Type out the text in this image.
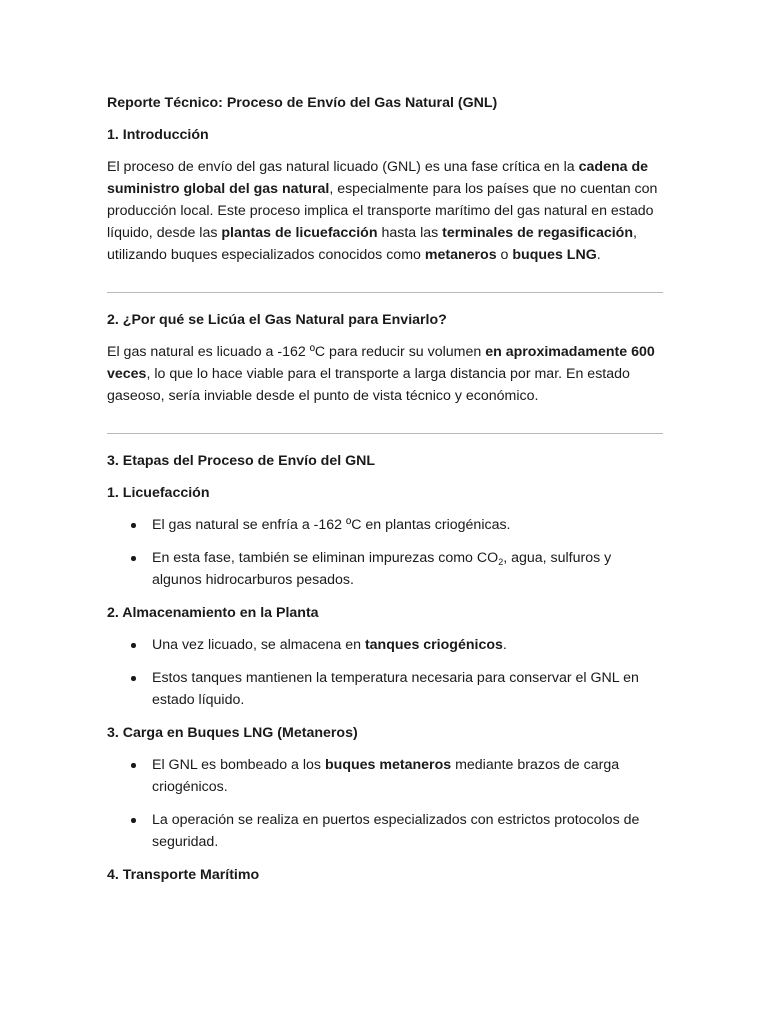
Reporte Técnico: Proceso de Envío del Gas Natural (GNL)

1. Introducción

El proceso de envío del gas natural licuado (GNL) es una fase crítica en la cadena de suministro global del gas natural, especialmente para los países que no cuentan con producción local. Este proceso implica el transporte marítimo del gas natural en estado líquido, desde las plantas de licuefacción hasta las terminales de regasificación, utilizando buques especializados conocidos como metaneros o buques LNG.

2. ¿Por qué se Licúa el Gas Natural para Enviarlo?

El gas natural es licuado a -162 ºC para reducir su volumen en aproximadamente 600 veces, lo que lo hace viable para el transporte a larga distancia por mar. En estado gaseoso, sería inviable desde el punto de vista técnico y económico.

3. Etapas del Proceso de Envío del GNL

1. Licuefacción

El gas natural se enfría a -162 ºC en plantas criogénicas.
En esta fase, también se eliminan impurezas como $CO_2$, agua, sulfuros y algunos hidrocarburos pesados.

2. Almacenamiento en la Planta

Una vez licuado, se almacena en tanques criogénicos.
Estos tanques mantienen la temperatura necesaria para conservar el GNL en estado líquido.

3. Carga en Buques LNG (Metaneros)

El GNL es bombeado a los buques metaneros mediante brazos de carga criogénicos.
La operación se realiza en puertos especializados con estrictos protocolos de seguridad.

4. Transporte Marítimo
